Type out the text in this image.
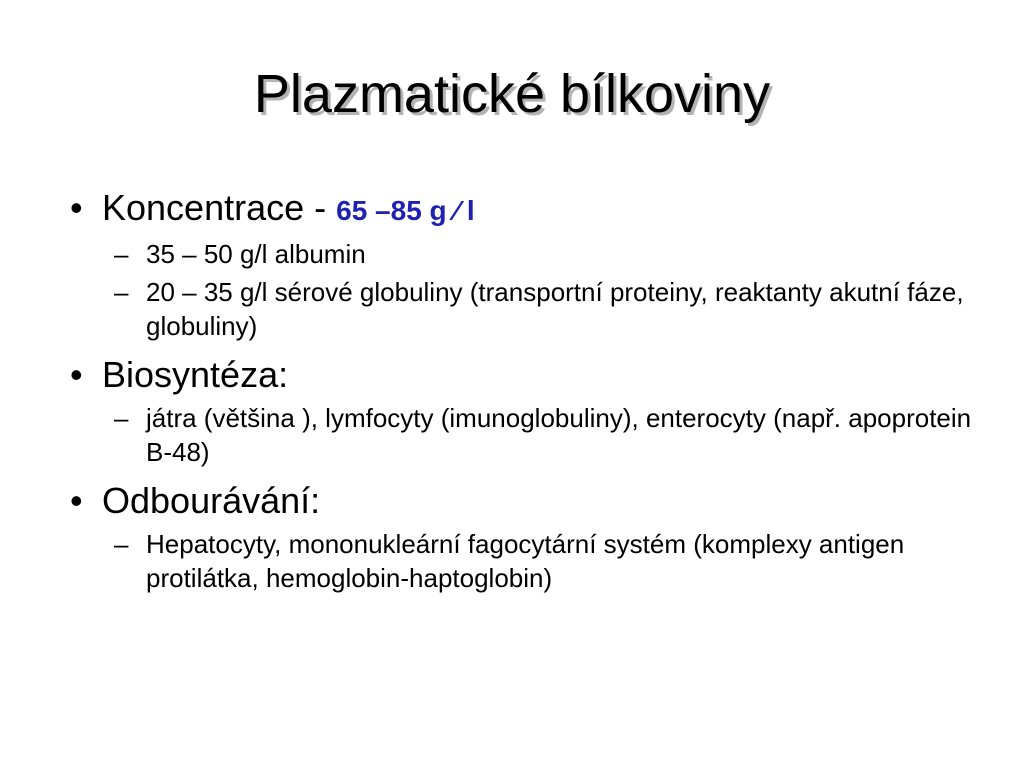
Plazmatické bílkoviny
• Koncentrace - 65 –85 g ⁄ l
– 35 – 50 g/l albumin
– 20 – 35 g/l sérové globuliny (transportní proteiny, reaktanty akutní fáze, globuliny)
• Biosyntéza:
– játra (většina ), lymfocyty (imunoglobuliny), enterocyty (např. apoprotein B-48)
• Odbourávání:
– Hepatocyty, mononukleární fagocytární systém (komplexy antigen protilátka, hemoglobin-haptoglobin)
